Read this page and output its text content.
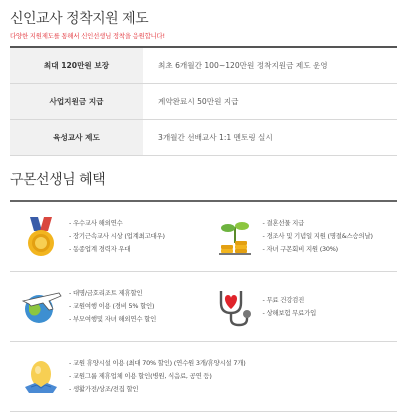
신인교사 정착지원 제도
다양한 지원제도를 통해서 신인선생님 정착을 응원합니다!
최대 120만원 보장	최초 6개월간 100~120만원 정착지원금 제도 운영
사업지원금 지급	계약완료시 50만원 지급
육성교사 제도	3개월간 선배교사 1:1 멘토링 실시
구몬선생님 혜택
- 우수교사 해외연수
- 장기근속교사 시상 (업계최고대우)
- 동종업계 경력자 우대
- 결혼선물 지급
- 경조사 및 기념일 지원 (명절&스승의날)
- 자녀 구몬회비 지원 (30%)
- 대명/금호리조트 제휴할인
- 교원여행 이용 (경비 5% 할인)
- 부모여행및 자녀 해외연수 할인
- 무료 건강검진
- 상해보험 무료가입
- 교원 휴양시설 이용 (최대 70% 할인) (연수원 3개/휴양시설 7개)
- 교원그룹 제휴업체 이용 할인(병원, 식음료, 공연 등)
- 생활가전/상조/전집 할인
